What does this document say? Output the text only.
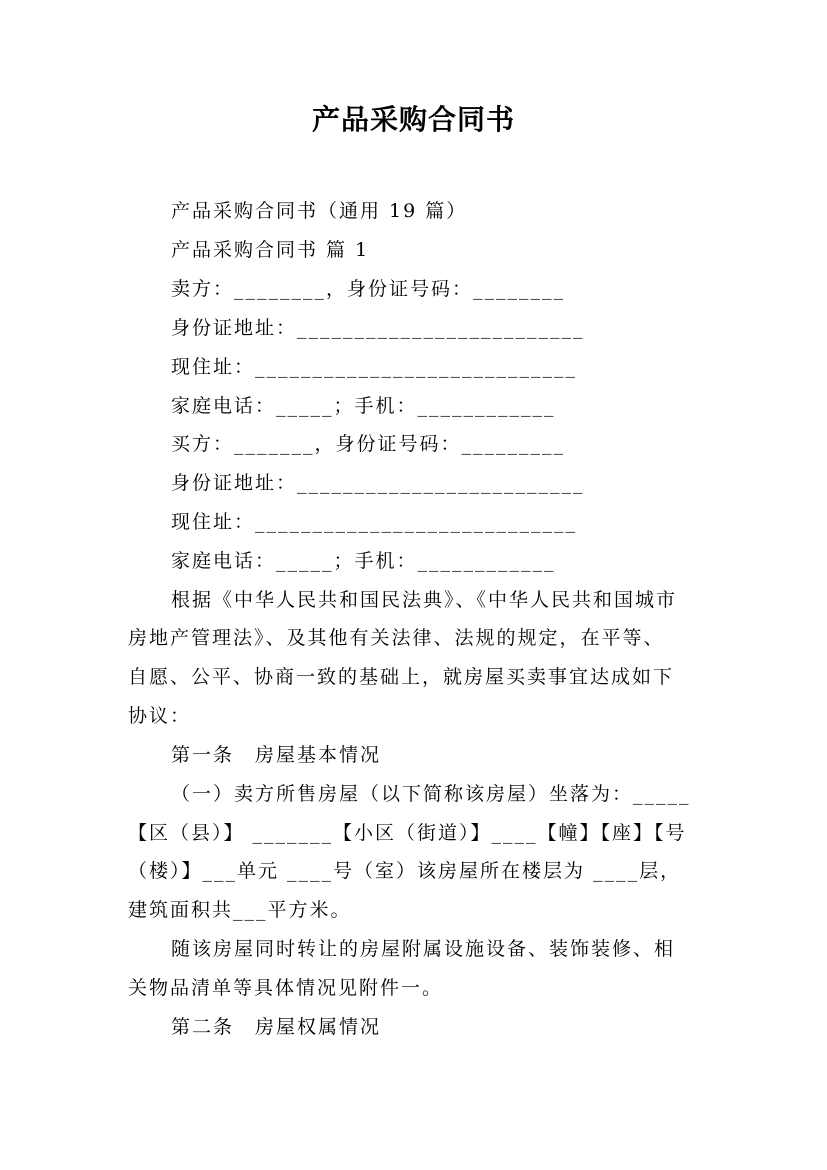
产品采购合同书
产品采购合同书（通用 19 篇）
产品采购合同书 篇 1
卖方：________，身份证号码：________
身份证地址：_________________________
现住址：____________________________
家庭电话：_____；手机：____________
买方：_______，身份证号码：_________
身份证地址：_________________________
现住址：____________________________
家庭电话：_____；手机：____________
根据《中华人民共和国民法典》、《中华人民共和国城市
房地产管理法》、及其他有关法律、法规的规定，在平等、
自愿、公平、协商一致的基础上，就房屋买卖事宜达成如下
协议：
第一条　房屋基本情况
（一）卖方所售房屋（以下简称该房屋）坐落为：_____
【区（县）】 _______【小区（街道）】____【幢】【座】【号
（楼）】___单元 ____号（室）该房屋所在楼层为 ____层，
建筑面积共___平方米。
随该房屋同时转让的房屋附属设施设备、装饰装修、相
关物品清单等具体情况见附件一。
第二条　房屋权属情况
